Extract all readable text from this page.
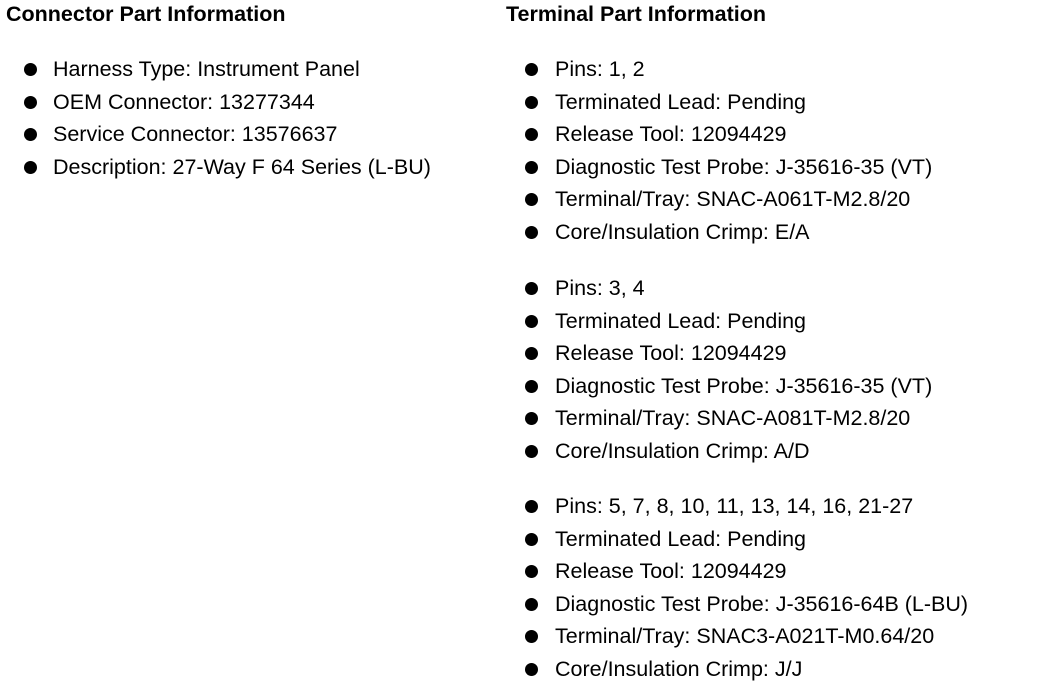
Connector Part Information
Harness Type: Instrument Panel
OEM Connector: 13277344
Service Connector: 13576637
Description: 27-Way F 64 Series (L-BU)
Terminal Part Information
Pins: 1, 2
Terminated Lead: Pending
Release Tool: 12094429
Diagnostic Test Probe: J-35616-35 (VT)
Terminal/Tray: SNAC-A061T-M2.8/20
Core/Insulation Crimp: E/A
Pins: 3, 4
Terminated Lead: Pending
Release Tool: 12094429
Diagnostic Test Probe: J-35616-35 (VT)
Terminal/Tray: SNAC-A081T-M2.8/20
Core/Insulation Crimp: A/D
Pins: 5, 7, 8, 10, 11, 13, 14, 16, 21-27
Terminated Lead: Pending
Release Tool: 12094429
Diagnostic Test Probe: J-35616-64B (L-BU)
Terminal/Tray: SNAC3-A021T-M0.64/20
Core/Insulation Crimp: J/J
